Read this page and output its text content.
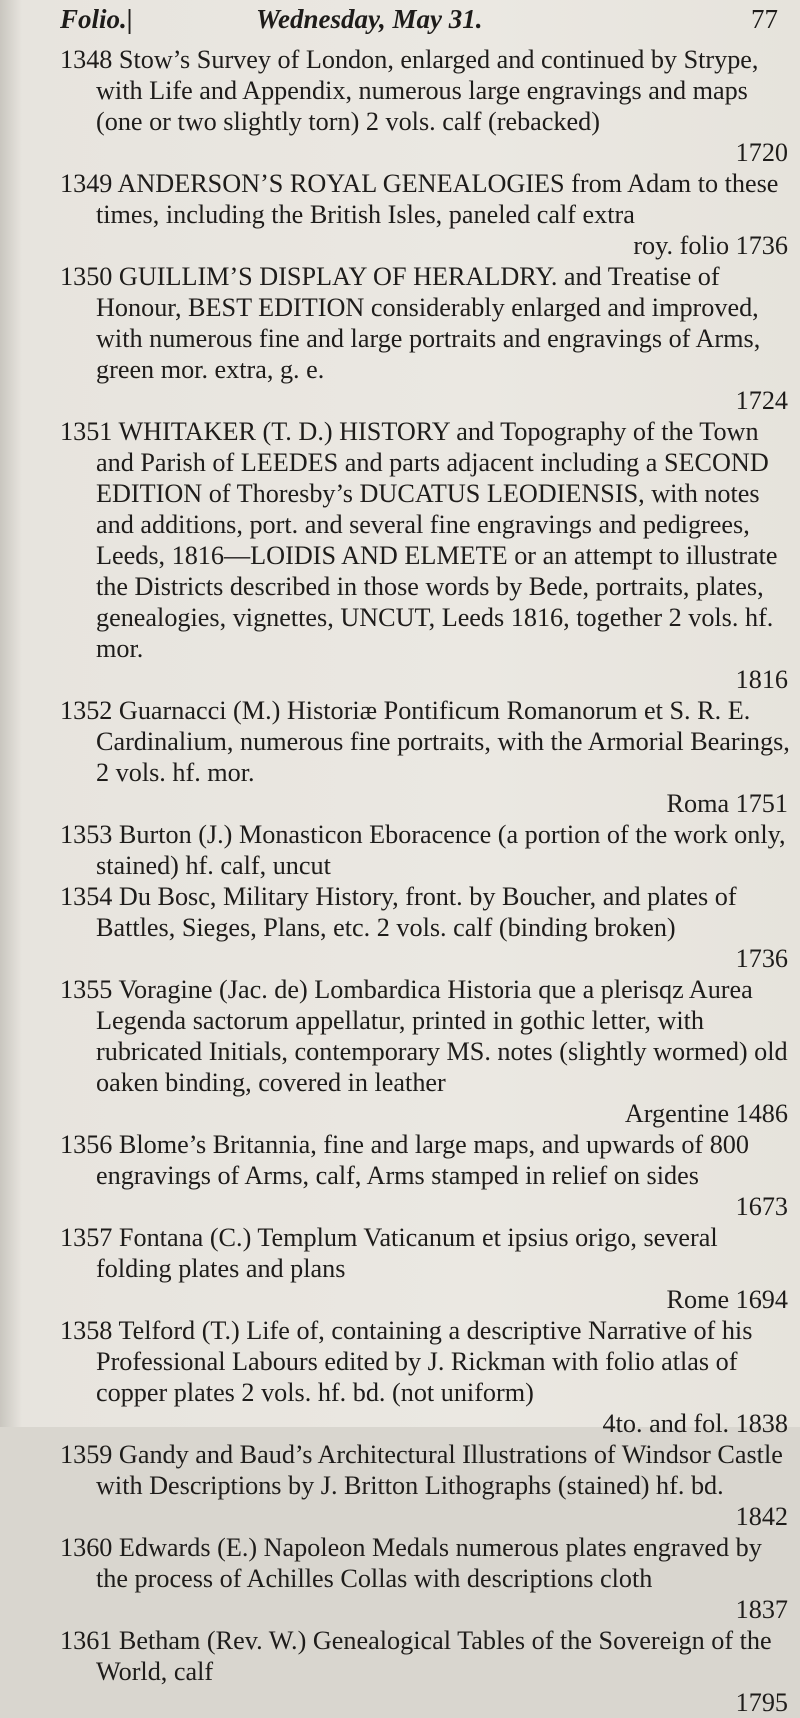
Folio.|	Wednesday, May 31.	77
1348 Stow’s Survey of London, enlarged and continued by Strype, with Life and Appendix, numerous large engravings and maps (one or two slightly torn) 2 vols. calf (rebacked)
1720
1349 ANDERSON’S ROYAL GENEALOGIES from Adam to these times, including the British Isles, paneled calf extra
roy. folio 1736
1350 GUILLIM’S DISPLAY OF HERALDRY. and Treatise of Honour, BEST EDITION considerably enlarged and improved, with numerous fine and large portraits and engravings of Arms, green mor. extra, g. e.
1724
1351 WHITAKER (T. D.) HISTORY and Topography of the Town and Parish of LEEDES and parts adjacent including a SECOND EDITION of Thoresby’s DUCATUS LEODIENSIS, with notes and additions, port. and several fine engravings and pedigrees, Leeds, 1816—LOIDIS AND ELMETE or an attempt to illustrate the Districts described in those words by Bede, portraits, plates, genealogies, vignettes, UNCUT, Leeds 1816, together 2 vols. hf. mor.
1816
1352 Guarnacci (M.) Historiæ Pontificum Romanorum et S. R. E. Cardinalium, numerous fine portraits, with the Armorial Bearings, 2 vols. hf. mor.
Roma 1751
1353 Burton (J.) Monasticon Eboracence (a portion of the work only, stained) hf. calf, uncut
1354 Du Bosc, Military History, front. by Boucher, and plates of Battles, Sieges, Plans, etc. 2 vols. calf (binding broken)
1736
1355 Voragine (Jac. de) Lombardica Historia que a plerisqz Aurea Legenda sactorum appellatur, printed in gothic letter, with rubricated Initials, contemporary MS. notes (slightly wormed) old oaken binding, covered in leather
Argentine 1486
1356 Blome’s Britannia, fine and large maps, and upwards of 800 engravings of Arms, calf, Arms stamped in relief on sides
1673
1357 Fontana (C.) Templum Vaticanum et ipsius origo, several folding plates and plans
Rome 1694
1358 Telford (T.) Life of, containing a descriptive Narrative of his Professional Labours edited by J. Rickman with folio atlas of copper plates 2 vols. hf. bd. (not uniform)
4to. and fol. 1838
1359 Gandy and Baud’s Architectural Illustrations of Windsor Castle with Descriptions by J. Britton Lithographs (stained) hf. bd.
1842
1360 Edwards (E.) Napoleon Medals numerous plates engraved by the process of Achilles Collas with descriptions cloth
1837
1361 Betham (Rev. W.) Genealogical Tables of the Sovereign of the World, calf
1795
